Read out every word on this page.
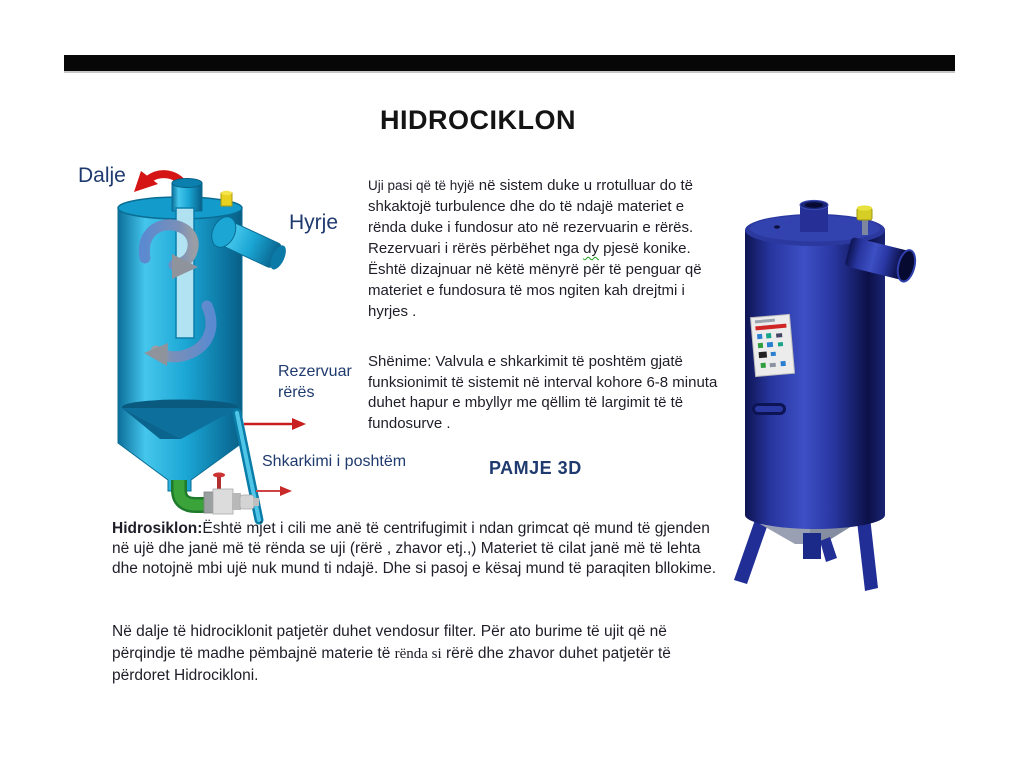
HIDROCIKLON
Dalje
Hyrje
Rezervuar
rërës
Shkarkimi i poshtëm

Uji pasi që të hyjë në sistem duke u rrotulluar do të shkaktojë turbulence dhe do të ndajë materiet e rënda duke i fundosur ato në rezervuarin e rërës. Rezervuari i rërës përbëhet nga dy pjesë konike. Është dizajnuar në këtë mënyrë për të penguar që materiet e fundosura të mos ngiten kah drejtmi i hyrjes .

Shënime: Valvula e shkarkimit të poshtëm gjatë funksionimit të sistemit në interval kohore 6-8 minuta duhet hapur e mbyllyr me qëllim të largimit të të fundosurve .

PAMJE 3D

Hidrosiklon:Është mjet i cili me anë të centrifugimit i ndan grimcat që mund të gjenden në ujë dhe janë më të rënda se uji (rërë , zhavor etj.,) Materiet të cilat janë më të lehta dhe notojnë mbi ujë nuk mund ti ndajë. Dhe si pasoj e kësaj mund të paraqiten bllokime.

Në dalje të hidrociklonit patjetër duhet vendosur filter. Për ato burime të ujit që në përqindje të madhe pëmbajnë materie të rënda si rërë dhe zhavor duhet patjetër të përdoret Hidrocikloni.
